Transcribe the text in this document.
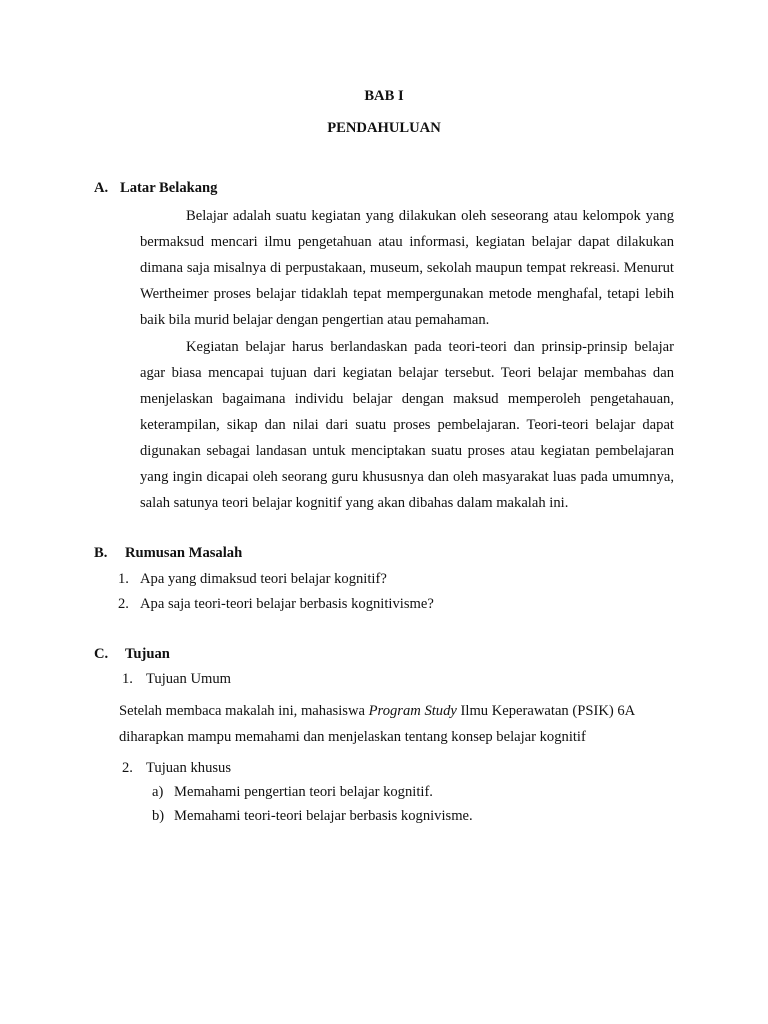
BAB I
PENDAHULUAN
A. Latar Belakang
Belajar adalah suatu kegiatan yang dilakukan oleh seseorang atau kelompok yang bermaksud mencari ilmu pengetahuan atau informasi, kegiatan belajar dapat dilakukan dimana saja misalnya di perpustakaan, museum, sekolah maupun tempat rekreasi. Menurut Wertheimer proses belajar tidaklah tepat mempergunakan metode menghafal, tetapi lebih baik bila murid belajar dengan pengertian atau pemahaman.
Kegiatan belajar harus berlandaskan pada teori-teori dan prinsip-prinsip belajar agar biasa mencapai tujuan dari kegiatan belajar tersebut. Teori belajar membahas dan menjelaskan bagaimana individu belajar dengan maksud memperoleh pengetahauan, keterampilan, sikap dan nilai dari suatu proses pembelajaran. Teori-teori belajar dapat digunakan sebagai landasan untuk menciptakan suatu proses atau kegiatan pembelajaran yang ingin dicapai oleh seorang guru khususnya dan oleh masyarakat luas pada umumnya, salah satunya teori belajar kognitif yang akan dibahas dalam makalah ini.
B. Rumusan Masalah
1. Apa yang dimaksud teori belajar kognitif?
2. Apa saja teori-teori belajar berbasis kognitivisme?
C. Tujuan
1. Tujuan Umum
Setelah membaca makalah ini, mahasiswa Program Study Ilmu Keperawatan (PSIK) 6A
diharapkan mampu memahami dan menjelaskan tentang konsep belajar kognitif
2. Tujuan khusus
a) Memahami pengertian teori belajar kognitif.
b) Memahami teori-teori belajar berbasis kognivisme.
